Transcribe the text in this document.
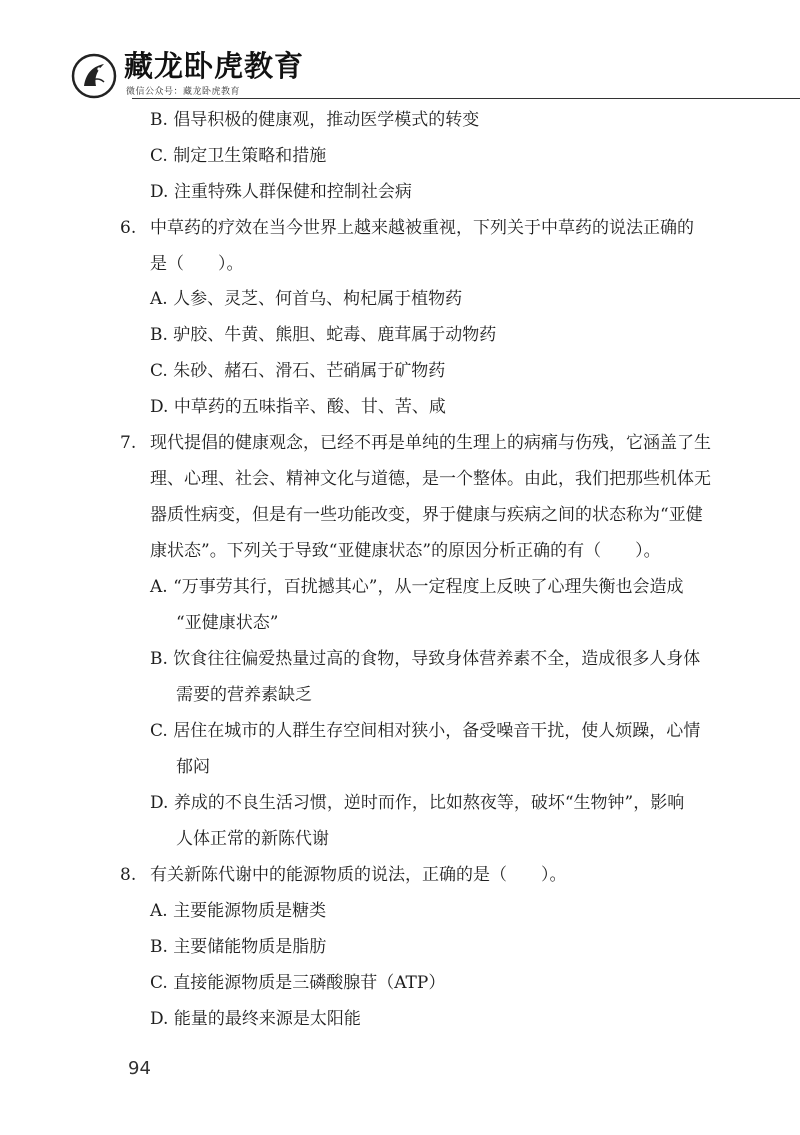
藏龙卧虎教育
微信公众号：藏龙卧虎教育
B. 倡导积极的健康观，推动医学模式的转变
C. 制定卫生策略和措施
D. 注重特殊人群保健和控制社会病
6. 中草药的疗效在当今世界上越来越被重视，下列关于中草药的说法正确的
是（　　）。
A. 人参、灵芝、何首乌、枸杞属于植物药
B. 驴胶、牛黄、熊胆、蛇毒、鹿茸属于动物药
C. 朱砂、赭石、滑石、芒硝属于矿物药
D. 中草药的五味指辛、酸、甘、苦、咸
7. 现代提倡的健康观念，已经不再是单纯的生理上的病痛与伤残，它涵盖了生
理、心理、社会、精神文化与道德，是一个整体。由此，我们把那些机体无
器质性病变，但是有一些功能改变，界于健康与疾病之间的状态称为“亚健
康状态”。下列关于导致“亚健康状态”的原因分析正确的有（　　）。
A. “万事劳其行，百扰撼其心”，从一定程度上反映了心理失衡也会造成
“亚健康状态”
B. 饮食往往偏爱热量过高的食物，导致身体营养素不全，造成很多人身体
需要的营养素缺乏
C. 居住在城市的人群生存空间相对狭小，备受噪音干扰，使人烦躁，心情
郁闷
D. 养成的不良生活习惯，逆时而作，比如熬夜等，破坏“生物钟”，影响
人体正常的新陈代谢
8. 有关新陈代谢中的能源物质的说法，正确的是（　　）。
A. 主要能源物质是糖类
B. 主要储能物质是脂肪
C. 直接能源物质是三磷酸腺苷（ATP）
D. 能量的最终来源是太阳能
94
